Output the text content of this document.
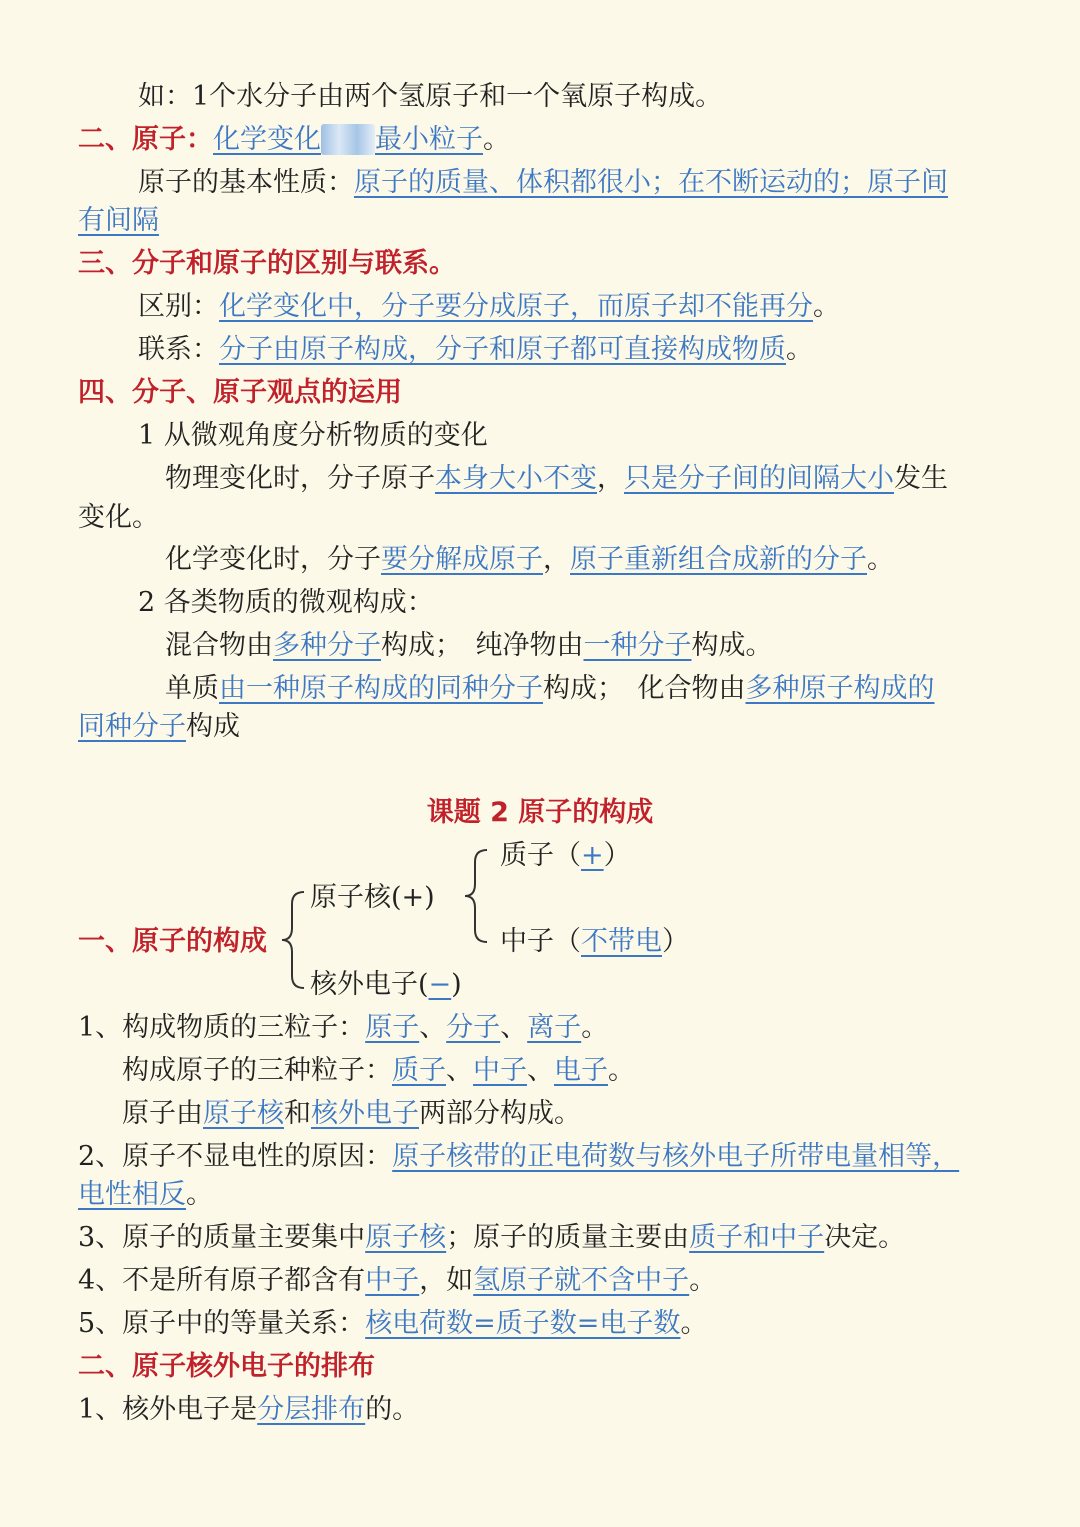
如：1个水分子由两个氢原子和一个氧原子构成。
二、原子：化学变化 最小粒子。
原子的基本性质：原子的质量、体积都很小；在不断运动的；原子间
有间隔
三、分子和原子的区别与联系。
区别：化学变化中，分子要分成原子，而原子却不能再分。
联系：分子由原子构成，分子和原子都可直接构成物质。
四、分子、原子观点的运用
1 从微观角度分析物质的变化
物理变化时，分子原子本身大小不变，只是分子间的间隔大小发生
变化。
化学变化时，分子要分解成原子，原子重新组合成新的分子。
2 各类物质的微观构成：
混合物由多种分子构成；　纯净物由一种分子构成。
单质由一种原子构成的同种分子构成；　化合物由多种原子构成的
同种分子构成
课题 2 原子的构成
一、原子的构成
原子核(+)
核外电子(−)
质子（+）
中子（不带电）
1、构成物质的三粒子：原子、分子、离子。
构成原子的三种粒子：质子、中子、电子。
原子由原子核和核外电子两部分构成。
2、原子不显电性的原因：原子核带的正电荷数与核外电子所带电量相等，
电性相反。
3、原子的质量主要集中原子核；原子的质量主要由质子和中子决定。
4、不是所有原子都含有中子，如氢原子就不含中子。
5、原子中的等量关系：核电荷数=质子数=电子数。
二、原子核外电子的排布
1、核外电子是分层排布的。
